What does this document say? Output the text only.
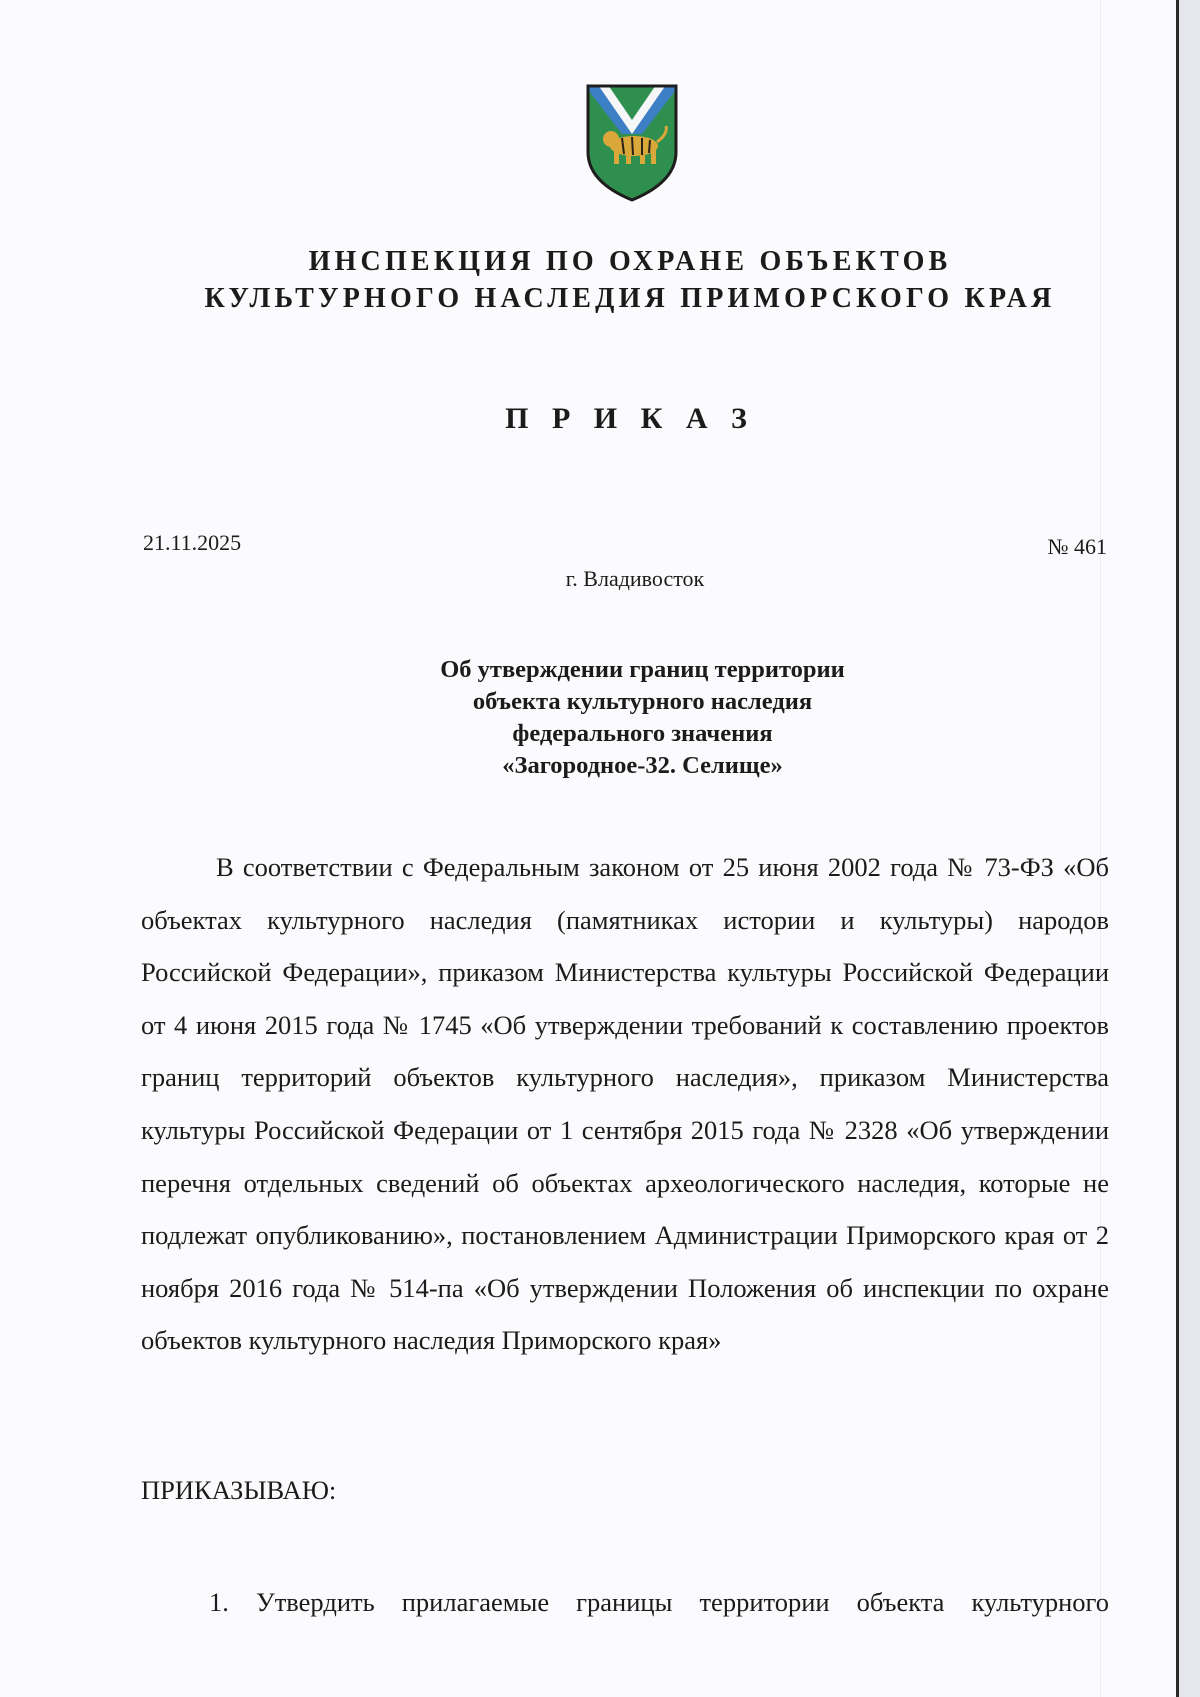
ИНСПЕКЦИЯ ПО ОХРАНЕ ОБЪЕКТОВ
КУЛЬТУРНОГО НАСЛЕДИЯ ПРИМОРСКОГО КРАЯ
П Р И К А З
21.11.2025	№ 461
г. Владивосток
Об утверждении границ территории
объекта культурного наследия
федерального значения
«Загородное-32. Селище»

В соответствии с Федеральным законом от 25 июня 2002 года № 73-ФЗ «Об объектах культурного наследия (памятниках истории и культуры) народов Российской Федерации», приказом Министерства культуры Российской Федерации от 4 июня 2015 года № 1745 «Об утверждении требований к составлению проектов границ территорий объектов культурного наследия», приказом Министерства культуры Российской Федерации от 1 сентября 2015 года № 2328 «Об утверждении перечня отдельных сведений об объектах археологического наследия, которые не подлежат опубликованию», постановлением Администрации Приморского края от 2 ноября 2016 года № 514-па «Об утверждении Положения об инспекции по охране объектов культурного наследия Приморского края»

ПРИКАЗЫВАЮ:

1. Утвердить прилагаемые границы территории объекта культурного
